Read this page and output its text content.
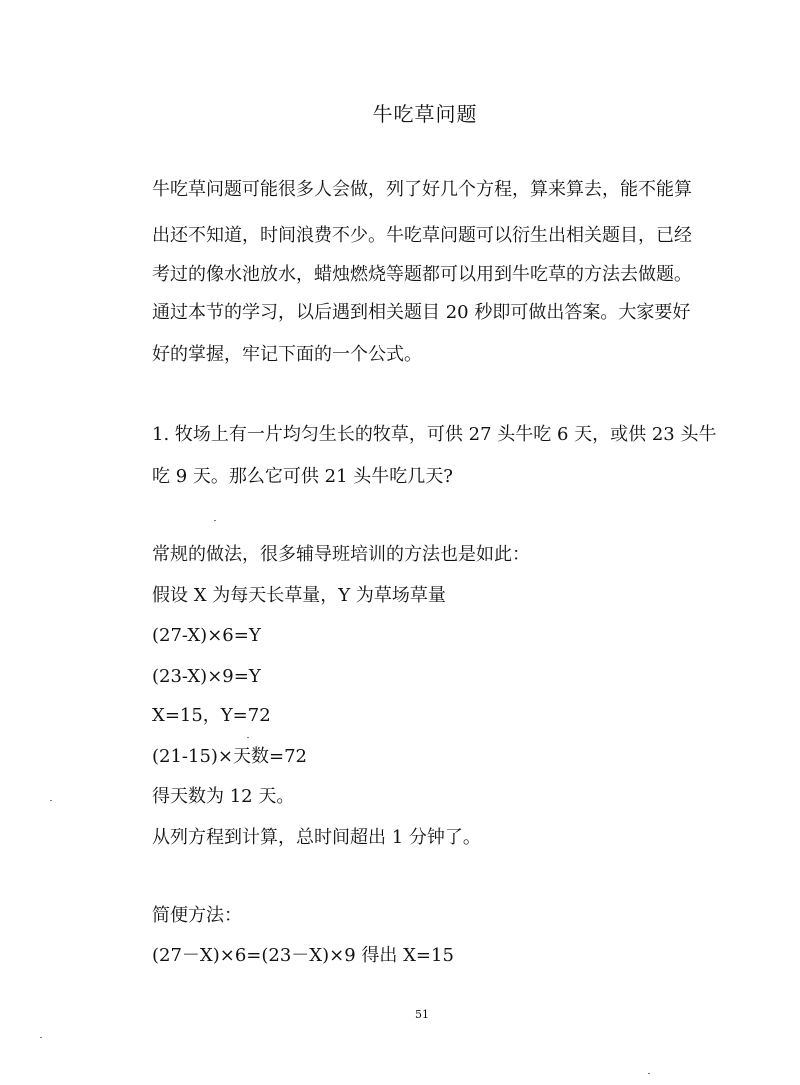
牛吃草问题
牛吃草问题可能很多人会做，列了好几个方程，算来算去，能不能算
出还不知道，时间浪费不少。牛吃草问题可以衍生出相关题目，已经
考过的像水池放水，蜡烛燃烧等题都可以用到牛吃草的方法去做题。
通过本节的学习，以后遇到相关题目 20 秒即可做出答案。大家要好
好的掌握，牢记下面的一个公式。
1. 牧场上有一片均匀生长的牧草，可供 27 头牛吃 6 天，或供 23 头牛
吃 9 天。那么它可供 21 头牛吃几天?
常规的做法，很多辅导班培训的方法也是如此：
假设 X 为每天长草量，Y 为草场草量
(27-X)×6=Y
(23-X)×9=Y
X=15，Y=72
(21-15)×天数=72
得天数为 12 天。
从列方程到计算，总时间超出 1 分钟了。
简便方法：
(27－X)×6=(23－X)×9 得出 X=15
51
